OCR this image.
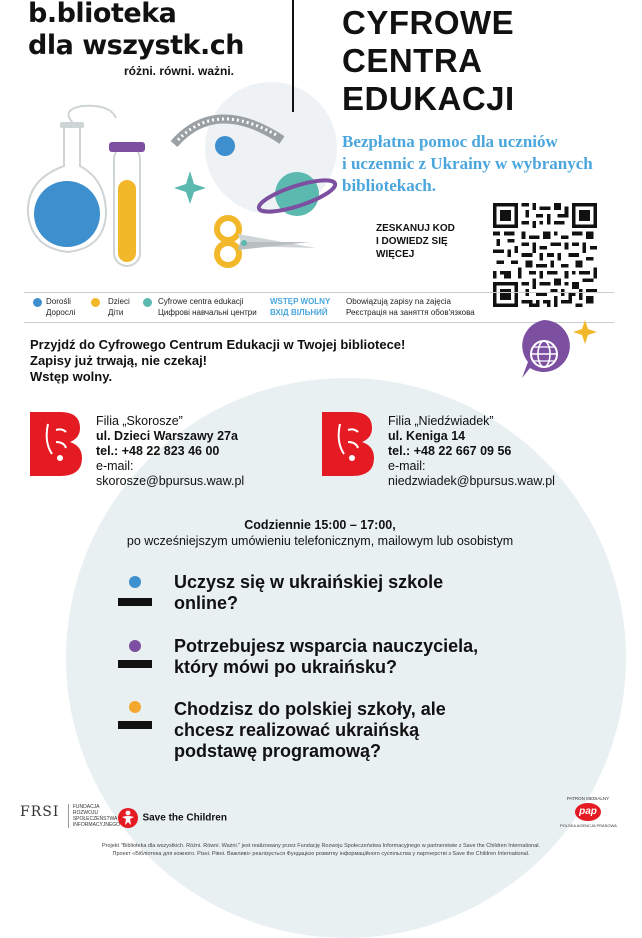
b.blioteka
dla wszystk.ch
różni. równi. ważni.
CYFROWE
CENTRA
EDUKACJI
Bezpłatna pomoc dla uczniów
i uczennic z Ukrainy w wybranych
bibliotekach.
ZESKANUJ KOD
I DOWIEDZ SIĘ
WIĘCEJ
Dorośli
Дорослі
Dzieci
Діти
Cyfrowe centra edukacji
Цифрові навчальні центри
WSTĘP WOLNY
ВХІД ВІЛЬНИЙ
Obowiązują zapisy na zajęcia
Реєстрація на заняття обов'язкова
Przyjdź do Cyfrowego Centrum Edukacji w Twojej bibliotece!
Zapisy już trwają, nie czekaj!
Wstęp wolny.
Filia „Skorosze”
ul. Dzieci Warszawy 27a
tel.: +48 22 823 46 00
e-mail:
skorosze@bpursus.waw.pl
Filia „Niedźwiadek”
ul. Keniga 14
tel.: +48 22 667 09 56
e-mail:
niedzwiadek@bpursus.waw.pl
Codziennie 15:00 – 17:00,
po wcześniejszym umówieniu telefonicznym, mailowym lub osobistym
Uczysz się w ukraińskiej szkole
online?
Potrzebujesz wsparcia nauczyciela,
który mówi po ukraińsku?
Chodzisz do polskiej szkoły, ale
chcesz realizować ukraińską
podstawę programową?
FRSI	FUNDACJA
ROZWOJU
SPOŁECZEŃSTWA
INFORMACYJNEGO
Save the Children
PATRON MEDIALNY
pap
POLSKA AGENCJA PRASOWA
Projekt "Biblioteka dla wszystkich. Różni. Równi. Ważni." jest realizowany przez Fundację Rozwoju Społeczeństwa Informacyjnego w partnerstwie z Save the Children International.
Проект «Бібліотека для кожного. Різні. Рівні. Важливі» реалізується Фундацією розвитку інформаційного суспільства у партнерстві з Save the Children International.
